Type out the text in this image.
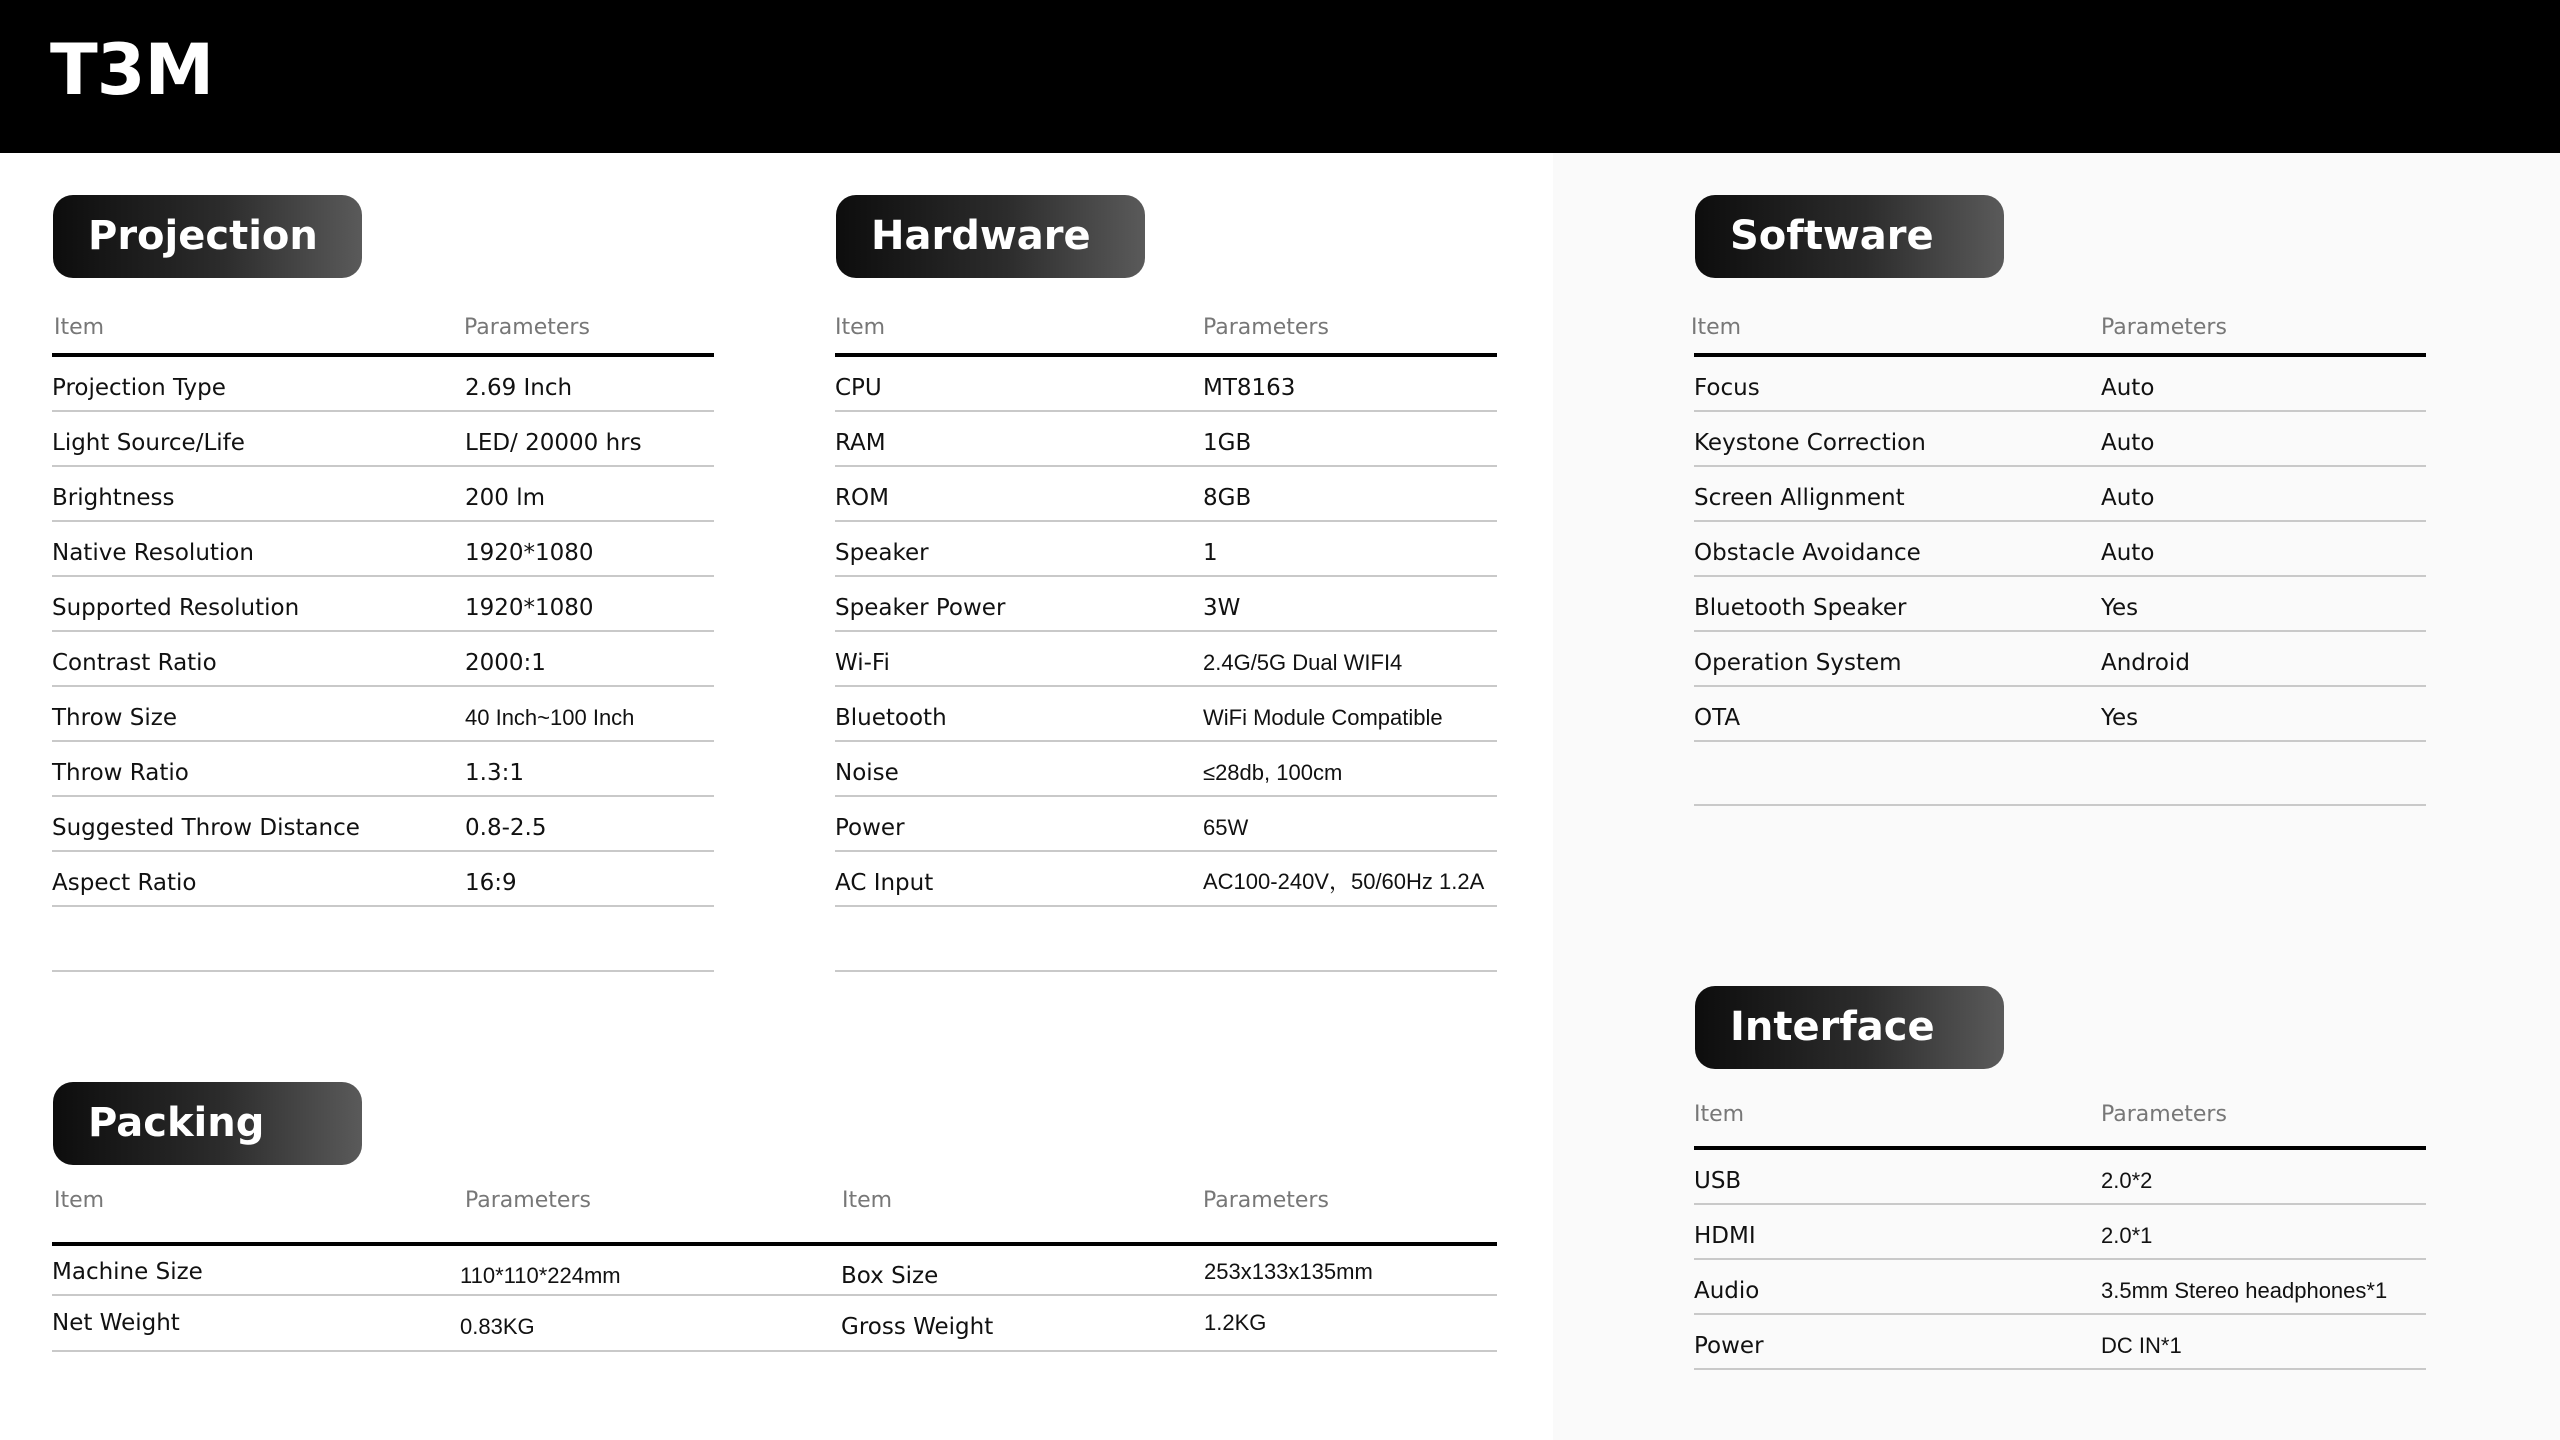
T3M
Projection
Item	Parameters
Projection Type	2.69 Inch
Light Source/Life	LED/ 20000 hrs
Brightness	200 lm
Native Resolution	1920*1080
Supported Resolution	1920*1080
Contrast Ratio	2000:1
Throw Size	40 Inch~100 Inch
Throw Ratio	1.3:1
Suggested Throw Distance	0.8-2.5
Aspect Ratio	16:9
Hardware
Item	Parameters
CPU	MT8163
RAM	1GB
ROM	8GB
Speaker	1
Speaker Power	3W
Wi-Fi	2.4G/5G Dual WIFI4
Bluetooth	WiFi Module Compatible
Noise	≤28db, 100cm
Power	65W
AC Input	AC100-240V，50/60Hz 1.2A
Software
Item	Parameters
Focus	Auto
Keystone Correction	Auto
Screen Allignment	Auto
Obstacle Avoidance	Auto
Bluetooth Speaker	Yes
Operation System	Android
OTA	Yes
Interface
Item	Parameters
USB	2.0*2
HDMI	2.0*1
Audio	3.5mm Stereo headphones*1
Power	DC IN*1
Packing
Item	Parameters	Item	Parameters
Machine Size	110*110*224mm	Box Size	253x133x135mm
Net Weight	0.83KG	Gross Weight	1.2KG
